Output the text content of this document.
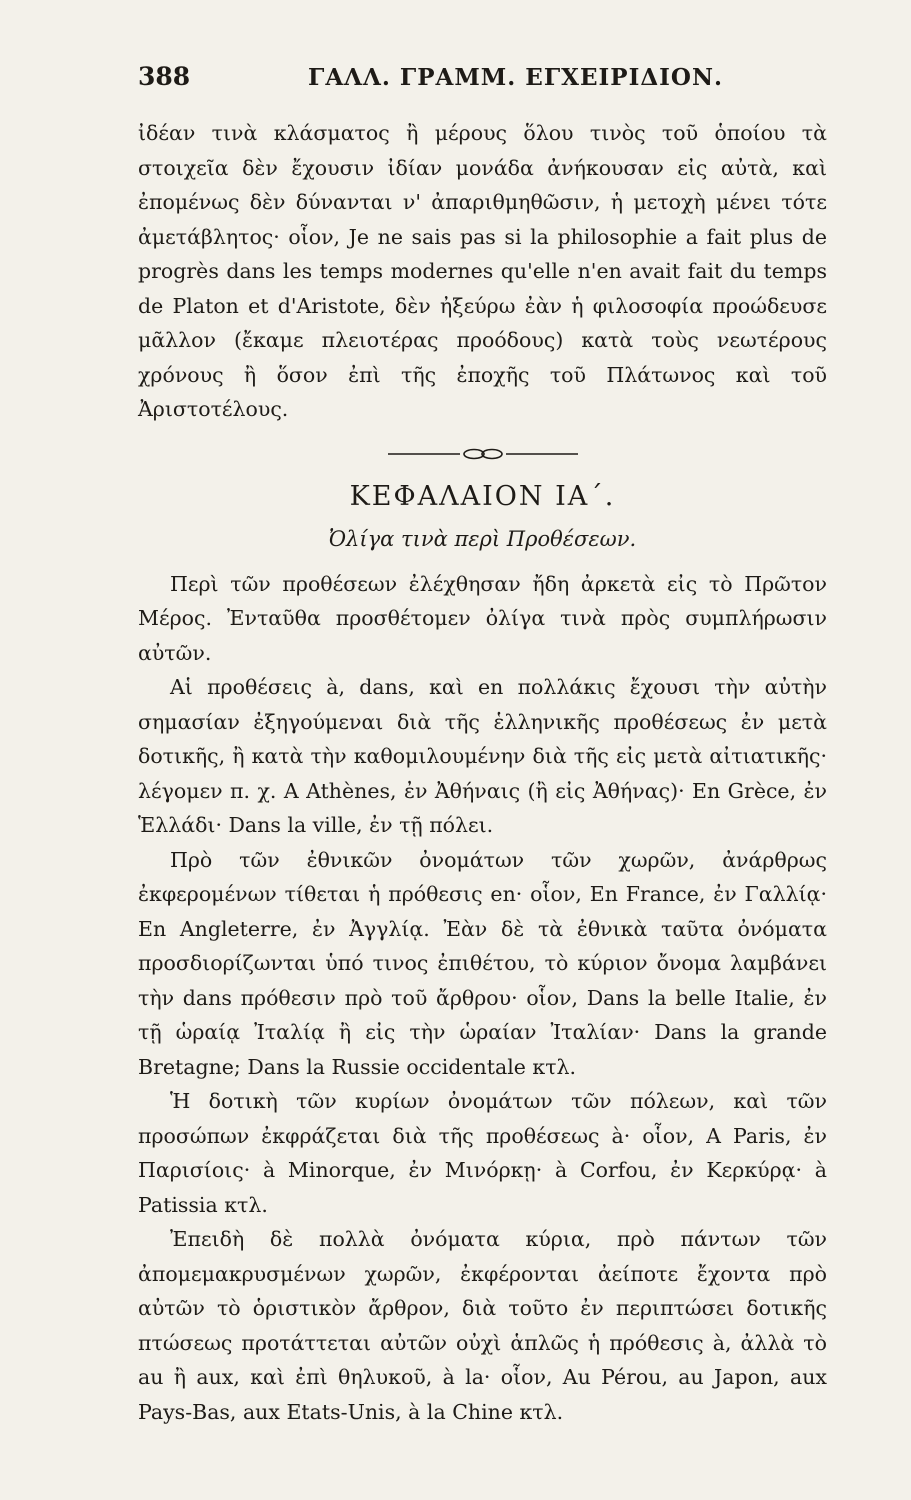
388	ΓΑΛΛ. ΓΡΑΜΜ. ΕΓΧΕΙΡΙΔΙΟΝ.

ἰδέαν τινὰ κλάσματος ἢ μέρους ὅλου τινὸς τοῦ ὁποίου τὰ στοιχεῖα δὲν ἔχουσιν ἰδίαν μονάδα ἀνήκουσαν εἰς αὐτὰ, καὶ ἐπομένως δὲν δύνανται ν' ἀπαριθμηθῶσιν, ἡ μετοχὴ μένει τότε ἀμετάβλητος· οἷον, Je ne sais pas si la philosophie a fait plus de progrès dans les temps modernes qu'elle n'en avait fait du temps de Platon et d'Aristote, δὲν ἠξεύρω ἐὰν ἡ φιλοσοφία προώδευσε μᾶλλον (ἔκαμε πλειοτέρας προόδους) κατὰ τοὺς νεωτέρους χρόνους ἢ ὅσον ἐπὶ τῆς ἐποχῆς τοῦ Πλάτωνος καὶ τοῦ Ἀριστοτέλους.

ΚΕΦΑΛΑΙΟΝ ΙΑ΄.
Ὀλίγα τινὰ περὶ Προθέσεων.

Περὶ τῶν προθέσεων ἐλέχθησαν ἤδη ἀρκετὰ εἰς τὸ Πρῶτον Μέρος. Ἐνταῦθα προσθέτομεν ὀλίγα τινὰ πρὸς συμπλήρωσιν αὐτῶν.

Αἱ προθέσεις à, dans, καὶ en πολλάκις ἔχουσι τὴν αὐτὴν σημασίαν ἐξηγούμεναι διὰ τῆς ἑλληνικῆς προθέσεως ἐν μετὰ δοτικῆς, ἢ κατὰ τὴν καθομιλουμένην διὰ τῆς εἰς μετὰ αἰτιατικῆς· λέγομεν π. χ. A Athènes, ἐν Ἀθήναις (ἢ εἰς Ἀθήνας)· En Grèce, ἐν Ἑλλάδι· Dans la ville, ἐν τῇ πόλει.

Πρὸ τῶν ἐθνικῶν ὀνομάτων τῶν χωρῶν, ἀνάρθρως ἐκφερομένων τίθεται ἡ πρόθεσις en· οἷον, En France, ἐν Γαλλίᾳ· En Angleterre, ἐν Ἀγγλίᾳ. Ἐὰν δὲ τὰ ἐθνικὰ ταῦτα ὀνόματα προσδιορίζωνται ὑπό τινος ἐπιθέτου, τὸ κύριον ὄνομα λαμβάνει τὴν dans πρόθεσιν πρὸ τοῦ ἄρθρου· οἷον, Dans la belle Italie, ἐν τῇ ὡραίᾳ Ἰταλίᾳ ἢ εἰς τὴν ὡραίαν Ἰταλίαν· Dans la grande Bretagne; Dans la Russie occidentale κτλ.

Ἡ δοτικὴ τῶν κυρίων ὀνομάτων τῶν πόλεων, καὶ τῶν προσώπων ἐκφράζεται διὰ τῆς προθέσεως à· οἷον, A Paris, ἐν Παρισίοις· à Minorque, ἐν Μινόρκῃ· à Corfou, ἐν Κερκύρᾳ· à Patissia κτλ.

Ἐπειδὴ δὲ πολλὰ ὀνόματα κύρια, πρὸ πάντων τῶν ἀπομεμακρυσμένων χωρῶν, ἐκφέρονται ἀείποτε ἔχοντα πρὸ αὐτῶν τὸ ὁριστικὸν ἄρθρον, διὰ τοῦτο ἐν περιπτώσει δοτικῆς πτώσεως προτάττεται αὐτῶν οὐχὶ ἁπλῶς ἡ πρόθεσις à, ἀλλὰ τὸ au ἢ aux, καὶ ἐπὶ θηλυκοῦ, à la· οἷον, Au Pérou, au Japon, aux Pays-Bas, aux Etats-Unis, à la Chine κτλ.
